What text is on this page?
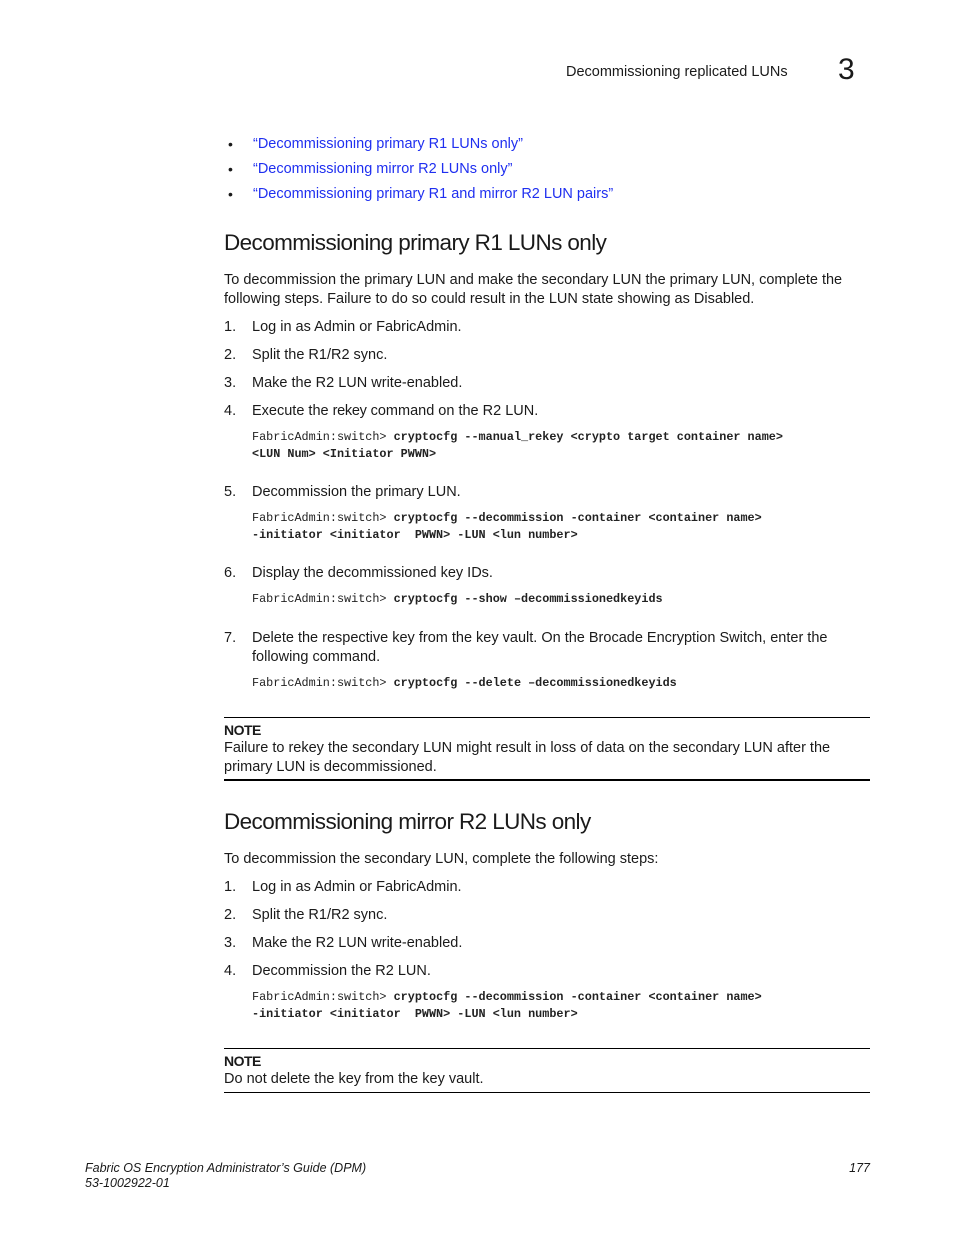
Decommissioning replicated LUNs 3
• “Decommissioning primary R1 LUNs only”
• “Decommissioning mirror R2 LUNs only”
• “Decommissioning primary R1 and mirror R2 LUN pairs”
Decommissioning primary R1 LUNs only
To decommission the primary LUN and make the secondary LUN the primary LUN, complete the
following steps. Failure to do so could result in the LUN state showing as Disabled.
1. Log in as Admin or FabricAdmin.
2. Split the R1/R2 sync.
3. Make the R2 LUN write-enabled.
4. Execute the rekey command on the R2 LUN.
FabricAdmin:switch> cryptocfg --manual_rekey <crypto target container name>
<LUN Num> <Initiator PWWN>
5. Decommission the primary LUN.
FabricAdmin:switch> cryptocfg --decommission -container <container name>
-initiator <initiator  PWWN> -LUN <lun number>
6. Display the decommissioned key IDs.
FabricAdmin:switch> cryptocfg --show –decommissionedkeyids
7. Delete the respective key from the key vault. On the Brocade Encryption Switch, enter the
following command.
FabricAdmin:switch> cryptocfg --delete –decommissionedkeyids
NOTE
Failure to rekey the secondary LUN might result in loss of data on the secondary LUN after the
primary LUN is decommissioned.
Decommissioning mirror R2 LUNs only
To decommission the secondary LUN, complete the following steps:
1. Log in as Admin or FabricAdmin.
2. Split the R1/R2 sync.
3. Make the R2 LUN write-enabled.
4. Decommission the R2 LUN.
FabricAdmin:switch> cryptocfg --decommission -container <container name>
-initiator <initiator  PWWN> -LUN <lun number>
NOTE
Do not delete the key from the key vault.
Fabric OS Encryption Administrator’s Guide (DPM)
53-1002922-01
177
